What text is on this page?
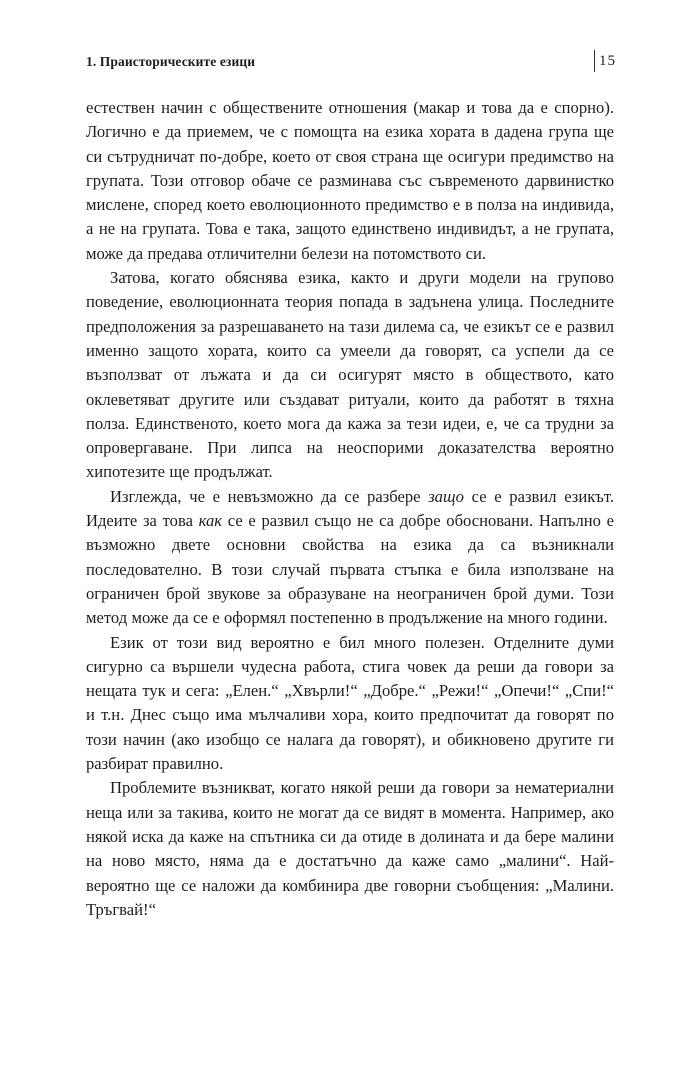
1. Праисторическите езици	15

естествен начин с обществените отношения (макар и това да е спорно). Логично е да приемем, че с помощта на езика хората в дадена група ще си сътрудничат по-добре, което от своя страна ще осигури предимство на групата. Този отговор обаче се разминава със съвременото дарвинистко мислене, според което еволюционното предимство е в полза на индивида, а не на групата. Това е така, защото единствено индивидът, а не групата, може да предава отличителни белези на потомството си.

Затова, когато обяснява езика, както и други модели на групово поведение, еволюционната теория попада в задънена улица. Последните предположения за разрешаването на тази дилема са, че езикът се е развил именно защото хората, които са умеели да говорят, са успели да се възползват от лъжата и да си осигурят място в обществото, като оклеветяват другите или създават ритуали, които да работят в тяхна полза. Единственото, което мога да кажа за тези идеи, е, че са трудни за опровергаване. При липса на неоспорими доказателства вероятно хипотезите ще продължат.

Изглежда, че е невъзможно да се разбере защо се е развил езикът. Идеите за това как се е развил също не са добре обосновани. Напълно е възможно двете основни свойства на езика да са възникнали последователно. В този случай първата стъпка е била използване на ограничен брой звукове за образуване на неограничен брой думи. Този метод може да се е оформял постепенно в продължение на много години.

Език от този вид вероятно е бил много полезен. Отделните думи сигурно са вършели чудесна работа, стига човек да реши да говори за нещата тук и сега: „Елен.“ „Хвърли!“ „Добре.“ „Режи!“ „Опечи!“ „Спи!“ и т.н. Днес също има мълчаливи хора, които предпочитат да говорят по този начин (ако изобщо се налага да говорят), и обикновено другите ги разбират правилно.

Проблемите възникват, когато някой реши да говори за нематериални неща или за такива, които не могат да се видят в момента. Например, ако някой иска да каже на спътника си да отиде в долината и да бере малини на ново място, няма да е достатъчно да каже само „малини“. Най-вероятно ще се наложи да комбинира две говорни съобщения: „Малини. Тръгвай!“
